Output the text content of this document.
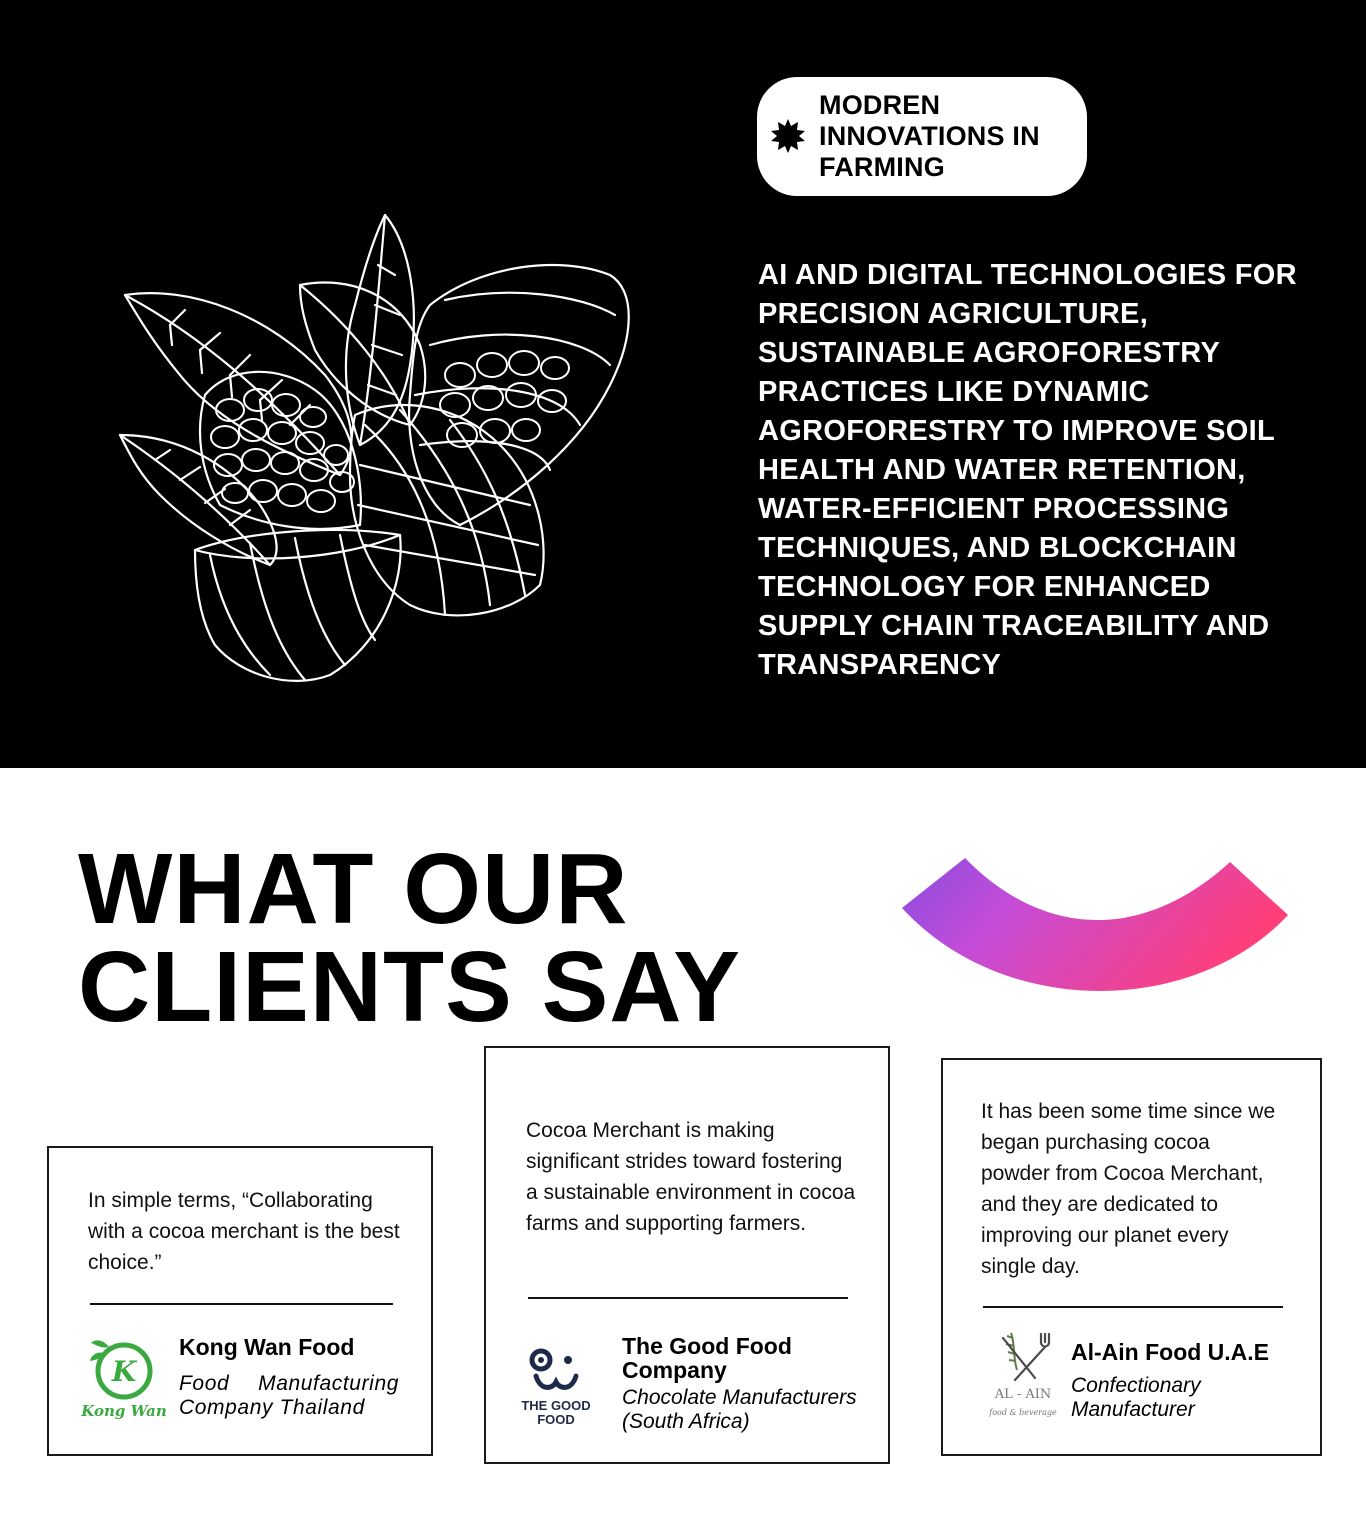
MODREN INNOVATIONS IN FARMING

AI AND DIGITAL TECHNOLOGIES FOR PRECISION AGRICULTURE, SUSTAINABLE AGROFORESTRY PRACTICES LIKE DYNAMIC AGROFORESTRY TO IMPROVE SOIL HEALTH AND WATER RETENTION, WATER-EFFICIENT PROCESSING TECHNIQUES, AND BLOCKCHAIN TECHNOLOGY FOR ENHANCED SUPPLY CHAIN TRACEABILITY AND TRANSPARENCY

WHAT OUR CLIENTS SAY

In simple terms, “Collaborating with a cocoa merchant is the best choice.”

K
Kong Wan
Kong Wan Food
Food Manufacturing Company Thailand

Cocoa Merchant is making significant strides toward fostering a sustainable environment in cocoa farms and supporting farmers.

THE GOOD
FOOD
The Good Food Company
Chocolate Manufacturers (South Africa)

It has been some time since we began purchasing cocoa powder from Cocoa Merchant, and they are dedicated to improving our planet every single day.

AL - AIN
food & beverage
Al-Ain Food U.A.E
Confectionary Manufacturer
